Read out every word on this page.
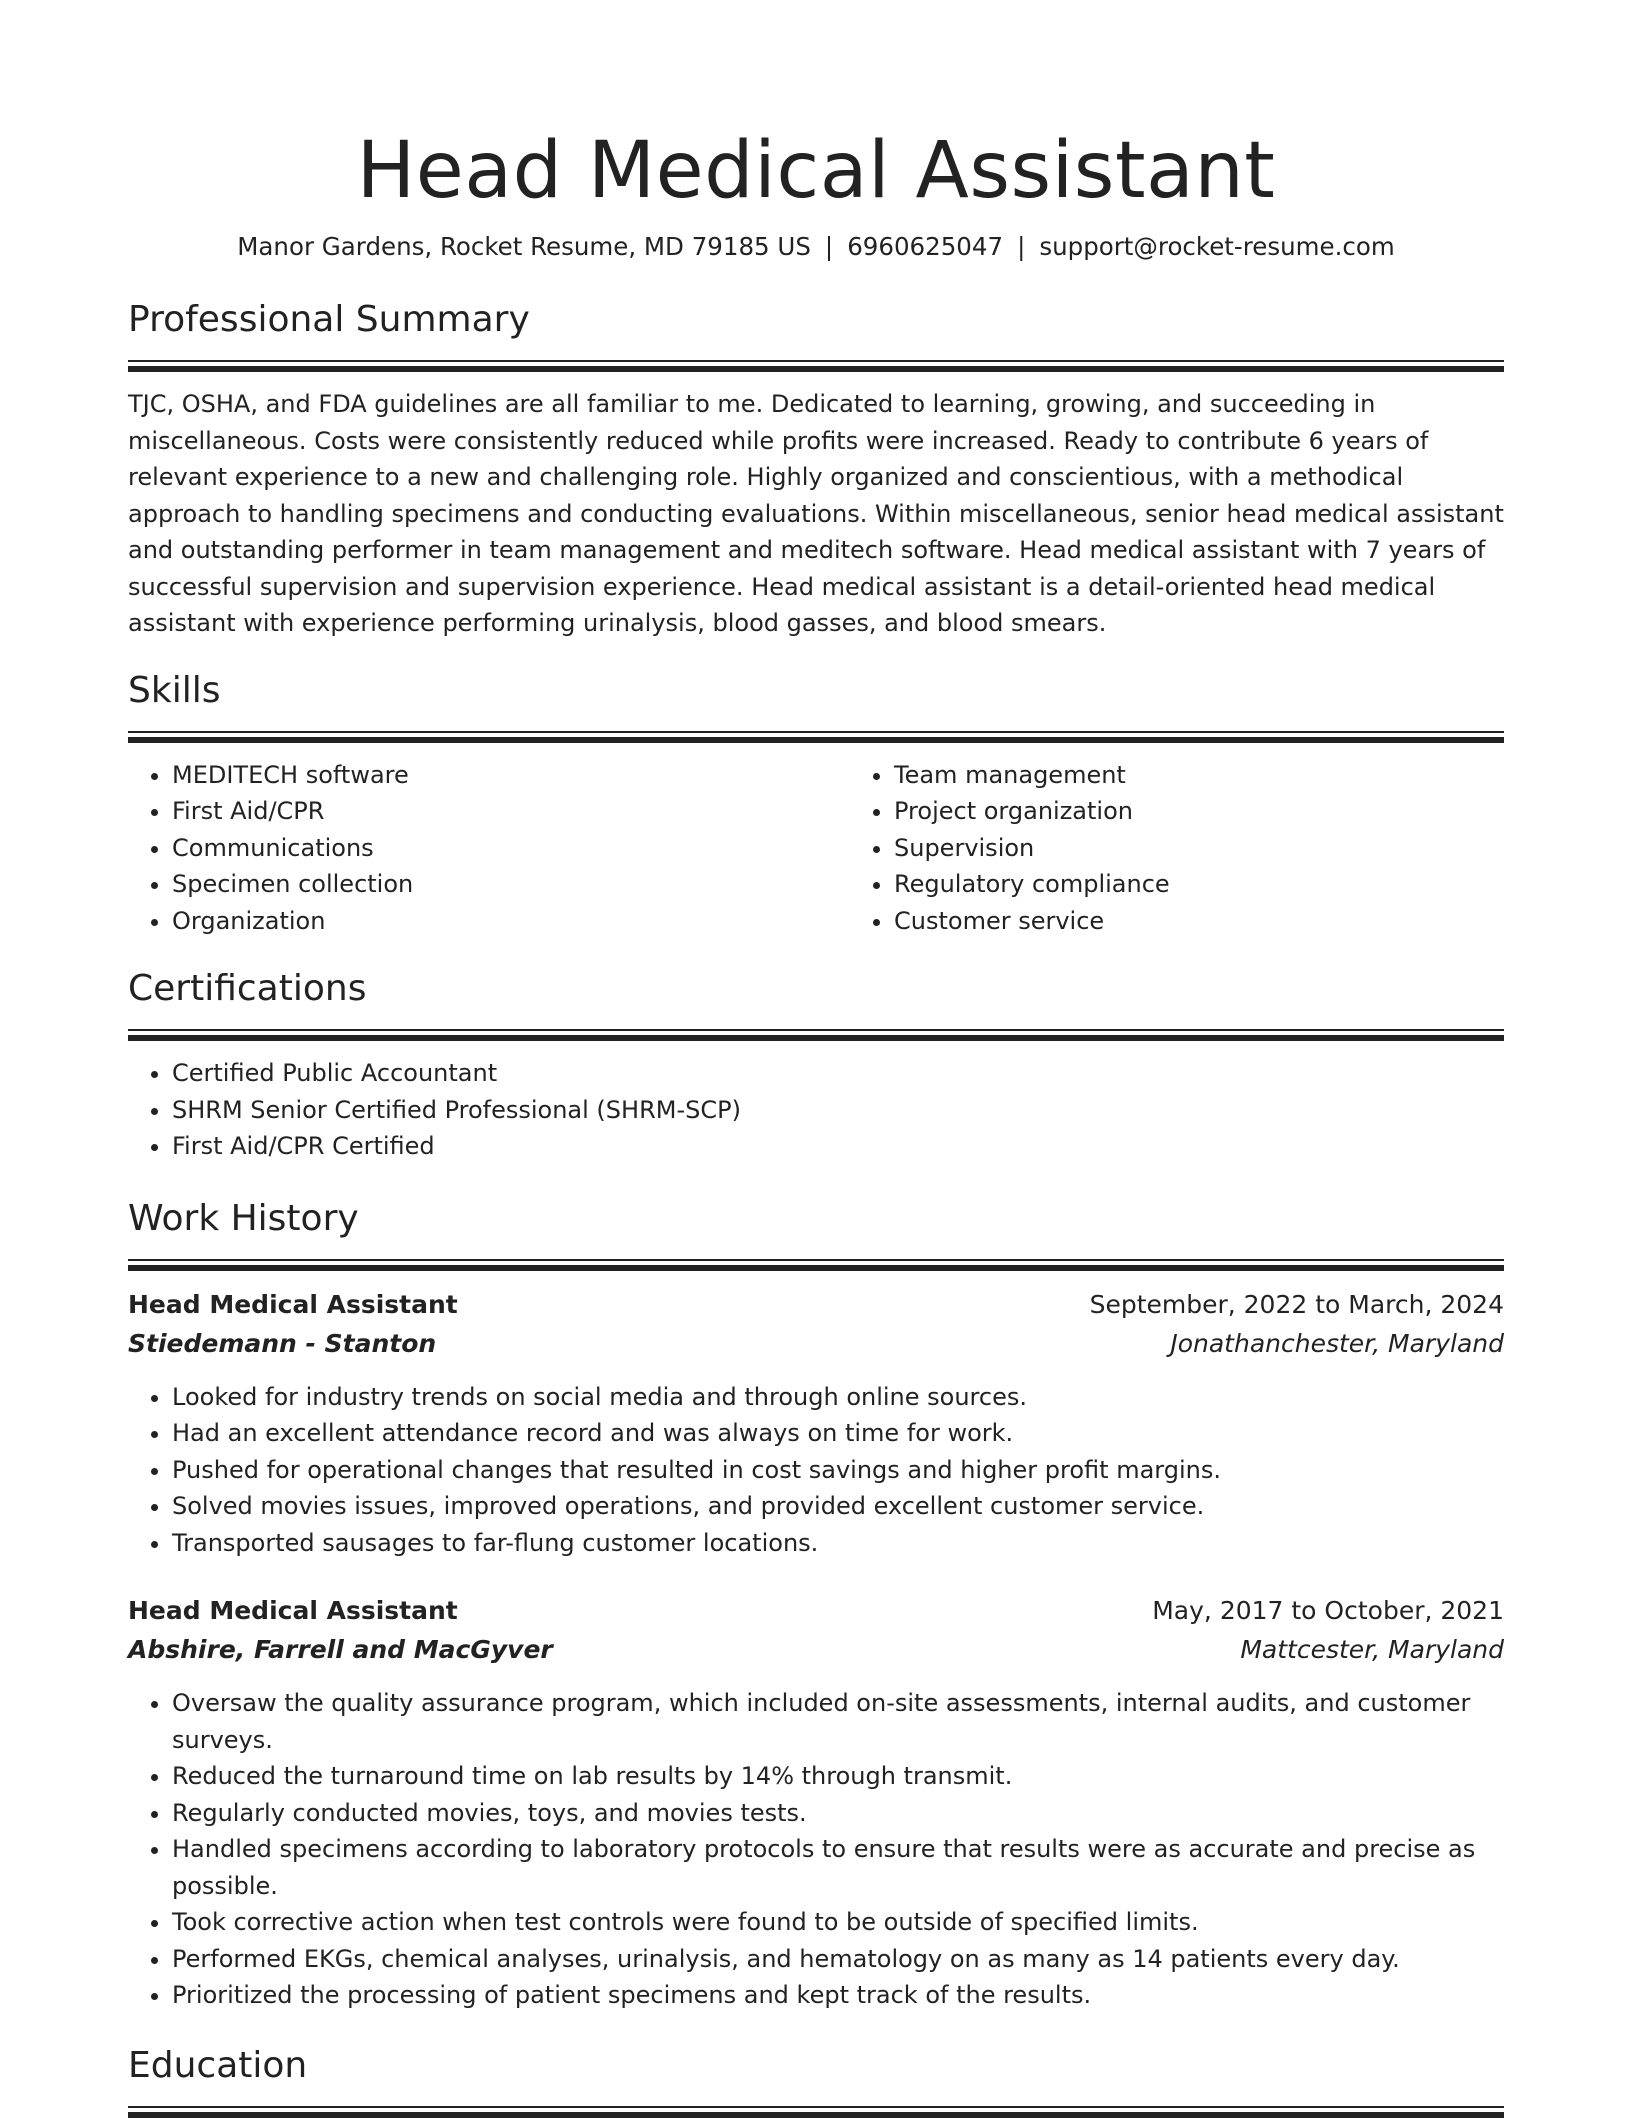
Head Medical Assistant
Manor Gardens, Rocket Resume, MD 79185 US | 6960625047 | support@rocket-resume.com
Professional Summary

TJC, OSHA, and FDA guidelines are all familiar to me. Dedicated to learning, growing, and succeeding in miscellaneous. Costs were consistently reduced while profits were increased. Ready to contribute 6 years of relevant experience to a new and challenging role. Highly organized and conscientious, with a methodical approach to handling specimens and conducting evaluations. Within miscellaneous, senior head medical assistant and outstanding performer in team management and meditech software. Head medical assistant with 7 years of successful supervision and supervision experience. Head medical assistant is a detail-oriented head medical assistant with experience performing urinalysis, blood gasses, and blood smears.

Skills
• MEDITECH software
• First Aid/CPR
• Communications
• Specimen collection
• Organization
• Team management
• Project organization
• Supervision
• Regulatory compliance
• Customer service
Certifications
• Certified Public Accountant
• SHRM Senior Certified Professional (SHRM-SCP)
• First Aid/CPR Certified
Work History
Head Medical Assistant	September, 2022 to March, 2024
Stiedemann - Stanton	Jonathanchester, Maryland
• Looked for industry trends on social media and through online sources.
• Had an excellent attendance record and was always on time for work.
• Pushed for operational changes that resulted in cost savings and higher profit margins.
• Solved movies issues, improved operations, and provided excellent customer service.
• Transported sausages to far-flung customer locations.
Head Medical Assistant	May, 2017 to October, 2021
Abshire, Farrell and MacGyver	Mattcester, Maryland
• Oversaw the quality assurance program, which included on-site assessments, internal audits, and customer surveys.
• Reduced the turnaround time on lab results by 14% through transmit.
• Regularly conducted movies, toys, and movies tests.
• Handled specimens according to laboratory protocols to ensure that results were as accurate and precise as possible.
• Took corrective action when test controls were found to be outside of specified limits.
• Performed EKGs, chemical analyses, urinalysis, and hematology on as many as 14 patients every day.
• Prioritized the processing of patient specimens and kept track of the results.
Education
